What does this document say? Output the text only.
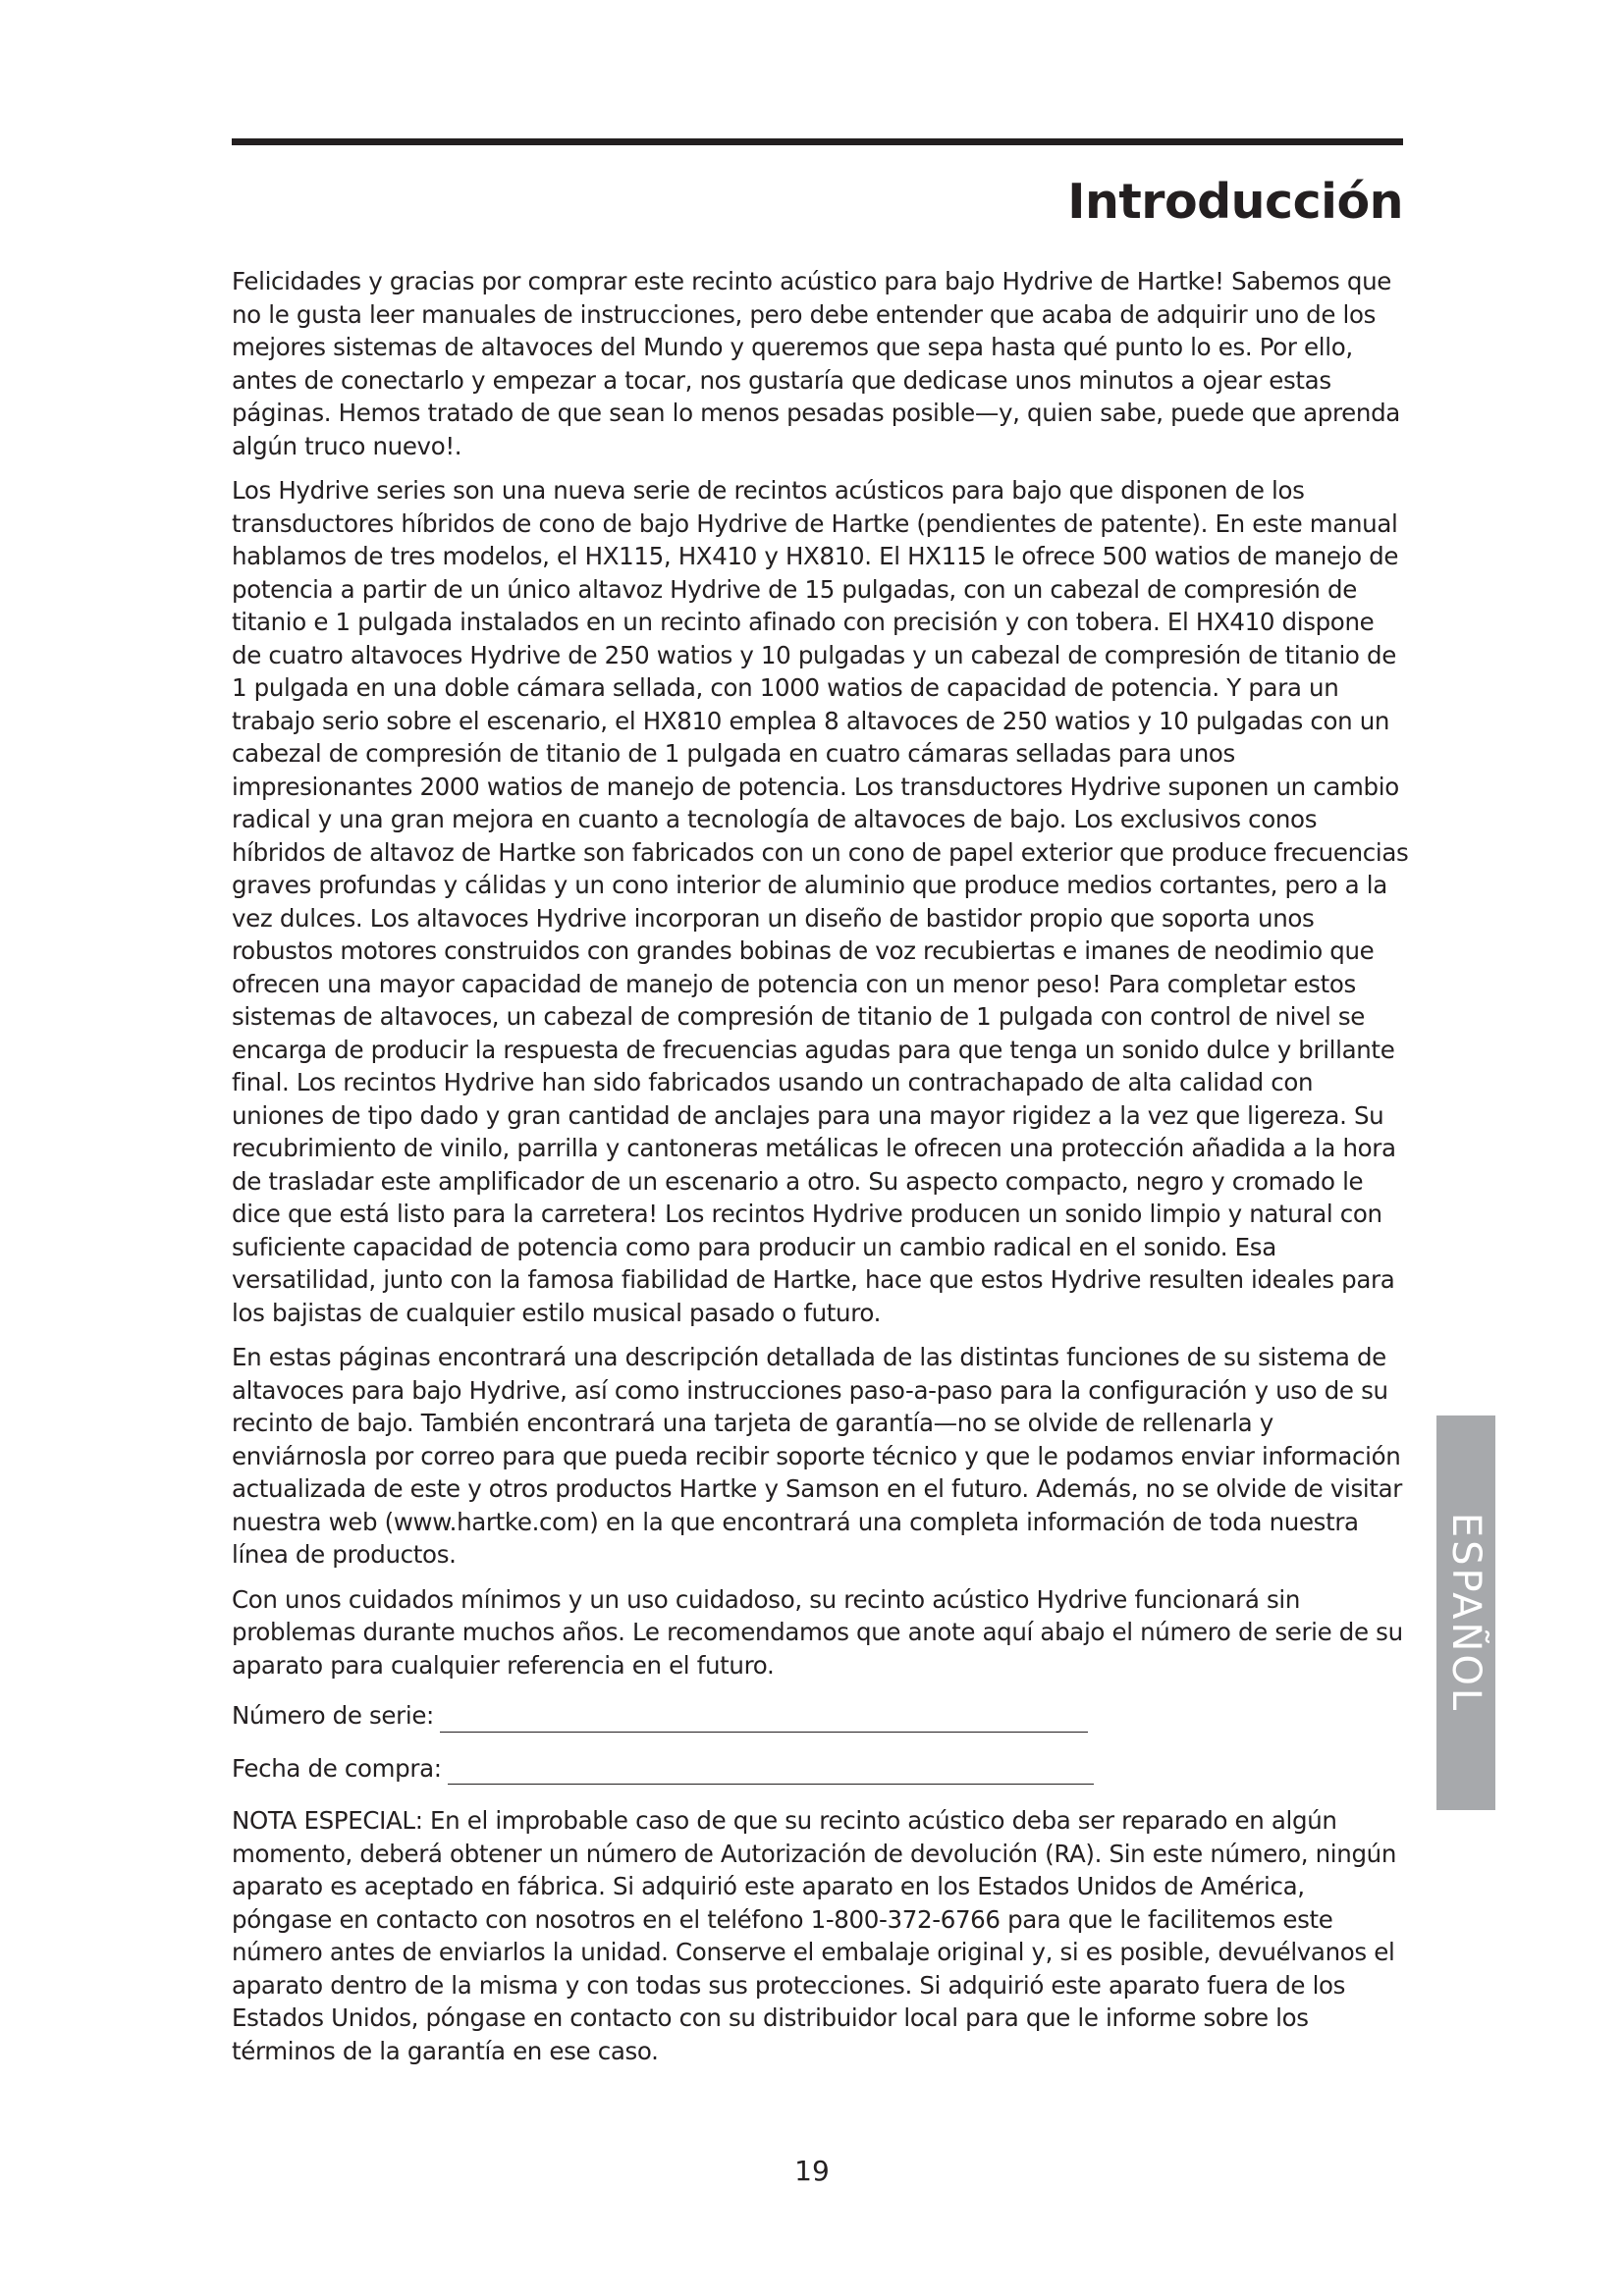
Introducción

Felicidades y gracias por comprar este recinto acústico para bajo Hydrive de Hartke! Sabemos que no le gusta leer manuales de instrucciones, pero debe entender que acaba de adquirir uno de los mejores sistemas de altavoces del Mundo y queremos que sepa hasta qué punto lo es. Por ello, antes de conectarlo y empezar a tocar, nos gustaría que dedicase unos minutos a ojear estas páginas. Hemos tratado de que sean lo menos pesadas posible—y, quien sabe, puede que aprenda algún truco nuevo!.

Los Hydrive series son una nueva serie de recintos acústicos para bajo que disponen de los transductores híbridos de cono de bajo Hydrive de Hartke (pendientes de patente). En este manual hablamos de tres modelos, el HX115, HX410 y HX810. El HX115 le ofrece 500 watios de manejo de potencia a partir de un único altavoz Hydrive de 15 pulgadas, con un cabezal de compresión de titanio e 1 pulgada instalados en un recinto afinado con precisión y con tobera. El HX410 dispone de cuatro altavoces Hydrive de 250 watios y 10 pulgadas y un cabezal de compresión de titanio de 1 pulgada en una doble cámara sellada, con 1000 watios de capacidad de potencia. Y para un trabajo serio sobre el escenario, el HX810 emplea 8 altavoces de 250 watios y 10 pulgadas con un cabezal de compresión de titanio de 1 pulgada en cuatro cámaras selladas para unos impresionantes 2000 watios de manejo de potencia. Los transductores Hydrive suponen un cambio radical y una gran mejora en cuanto a tecnología de altavoces de bajo. Los exclusivos conos híbridos de altavoz de Hartke son fabricados con un cono de papel exterior que produce frecuencias graves profundas y cálidas y un cono interior de aluminio que produce medios cortantes, pero a la vez dulces. Los altavoces Hydrive incorporan un diseño de bastidor propio que soporta unos robustos motores construidos con grandes bobinas de voz recubiertas e imanes de neodimio que ofrecen una mayor capacidad de manejo de potencia con un menor peso! Para completar estos sistemas de altavoces, un cabezal de compresión de titanio de 1 pulgada con control de nivel se encarga de producir la respuesta de frecuencias agudas para que tenga un sonido dulce y brillante final. Los recintos Hydrive han sido fabricados usando un contrachapado de alta calidad con uniones de tipo dado y gran cantidad de anclajes para una mayor rigidez a la vez que ligereza. Su recubrimiento de vinilo, parrilla y cantoneras metálicas le ofrecen una protección añadida a la hora de trasladar este amplificador de un escenario a otro. Su aspecto compacto, negro y cromado le dice que está listo para la carretera! Los recintos Hydrive producen un sonido limpio y natural con suficiente capacidad de potencia como para producir un cambio radical en el sonido. Esa versatilidad, junto con la famosa fiabilidad de Hartke, hace que estos Hydrive resulten ideales para los bajistas de cualquier estilo musical pasado o futuro.

En estas páginas encontrará una descripción detallada de las distintas funciones de su sistema de altavoces para bajo Hydrive, así como instrucciones paso-a-paso para la configuración y uso de su recinto de bajo. También encontrará una tarjeta de garantía—no se olvide de rellenarla y enviárnosla por correo para que pueda recibir soporte técnico y que le podamos enviar información actualizada de este y otros productos Hartke y Samson en el futuro. Además, no se olvide de visitar nuestra web (www.hartke.com) en la que encontrará una completa información de toda nuestra línea de productos.

Con unos cuidados mínimos y un uso cuidadoso, su recinto acústico Hydrive funcionará sin problemas durante muchos años. Le recomendamos que anote aquí abajo el número de serie de su aparato para cualquier referencia en el futuro.

Número de serie:
Fecha de compra:

NOTA ESPECIAL: En el improbable caso de que su recinto acústico deba ser reparado en algún momento, deberá obtener un número de Autorización de devolución (RA). Sin este número, ningún aparato es aceptado en fábrica. Si adquirió este aparato en los Estados Unidos de América, póngase en contacto con nosotros en el teléfono 1-800-372-6766 para que le facilitemos este número antes de enviarlos la unidad. Conserve el embalaje original y, si es posible, devuélvanos el aparato dentro de la misma y con todas sus protecciones. Si adquirió este aparato fuera de los Estados Unidos, póngase en contacto con su distribuidor local para que le informe sobre los términos de la garantía en ese caso.

ESPAÑOL
19
